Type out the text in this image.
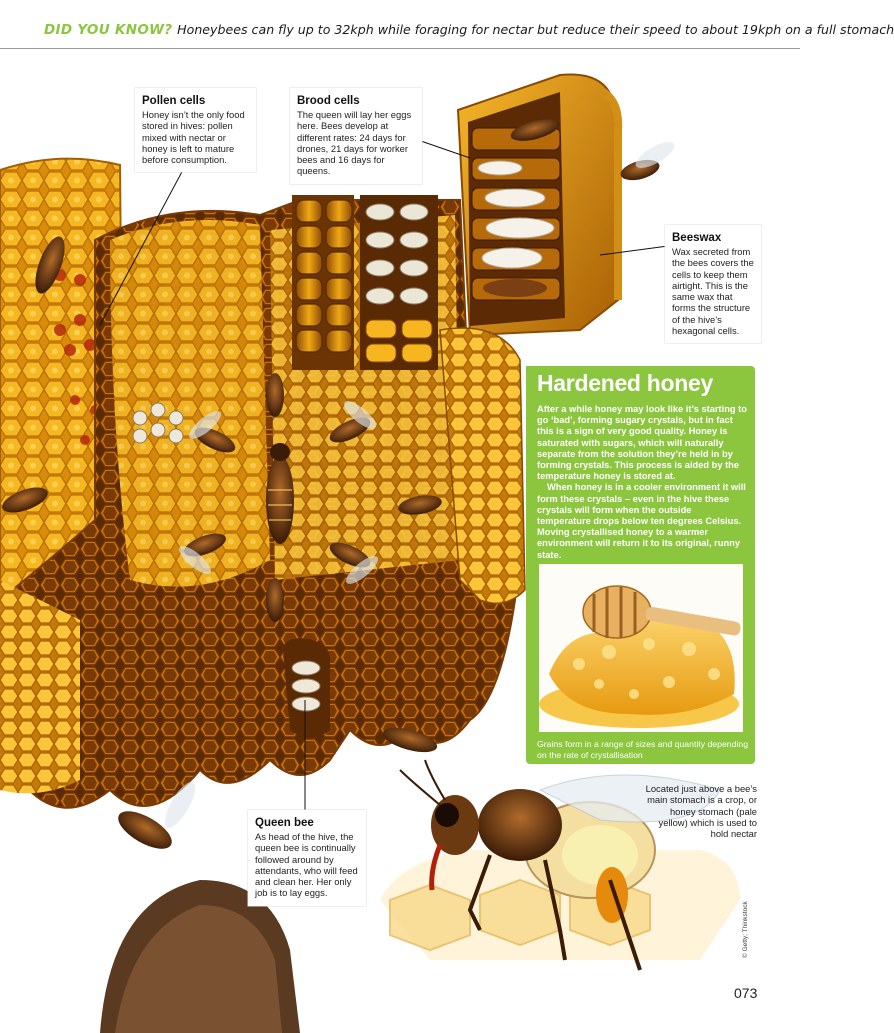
DID YOU KNOW? Honeybees can fly up to 32kph while foraging for nectar but reduce their speed to about 19kph on a full stomach
Pollen cells
Honey isn’t the only food stored in hives: pollen mixed with nectar or honey is left to mature before consumption.
Brood cells
The queen will lay her eggs here. Bees develop at different rates: 24 days for drones, 21 days for worker bees and 16 days for queens.
Beeswax
Wax secreted from the bees covers the cells to keep them airtight. This is the same wax that forms the structure of the hive’s hexagonal cells.
Queen bee
As head of the hive, the queen bee is continually followed around by attendants, who will feed and clean her. Her only job is to lay eggs.
Hardened honey

After a while honey may look like it’s starting to go ‘bad’, forming sugary crystals, but in fact this is a sign of very good quality. Honey is saturated with sugars, which will naturally separate from the solution they’re held in by forming crystals. This process is aided by the temperature honey is stored at.

When honey is in a cooler environment it will form these crystals – even in the hive these crystals will form when the outside temperature drops below ten degrees Celsius. Moving crystallised honey to a warmer environment will return it to its original, runny state.

Grains form in a range of sizes and quantity depending on the rate of crystallisation
Located just above a bee’s main stomach is a crop, or honey stomach (pale yellow) which is used to hold nectar
© Getty; Thinkstock
073
